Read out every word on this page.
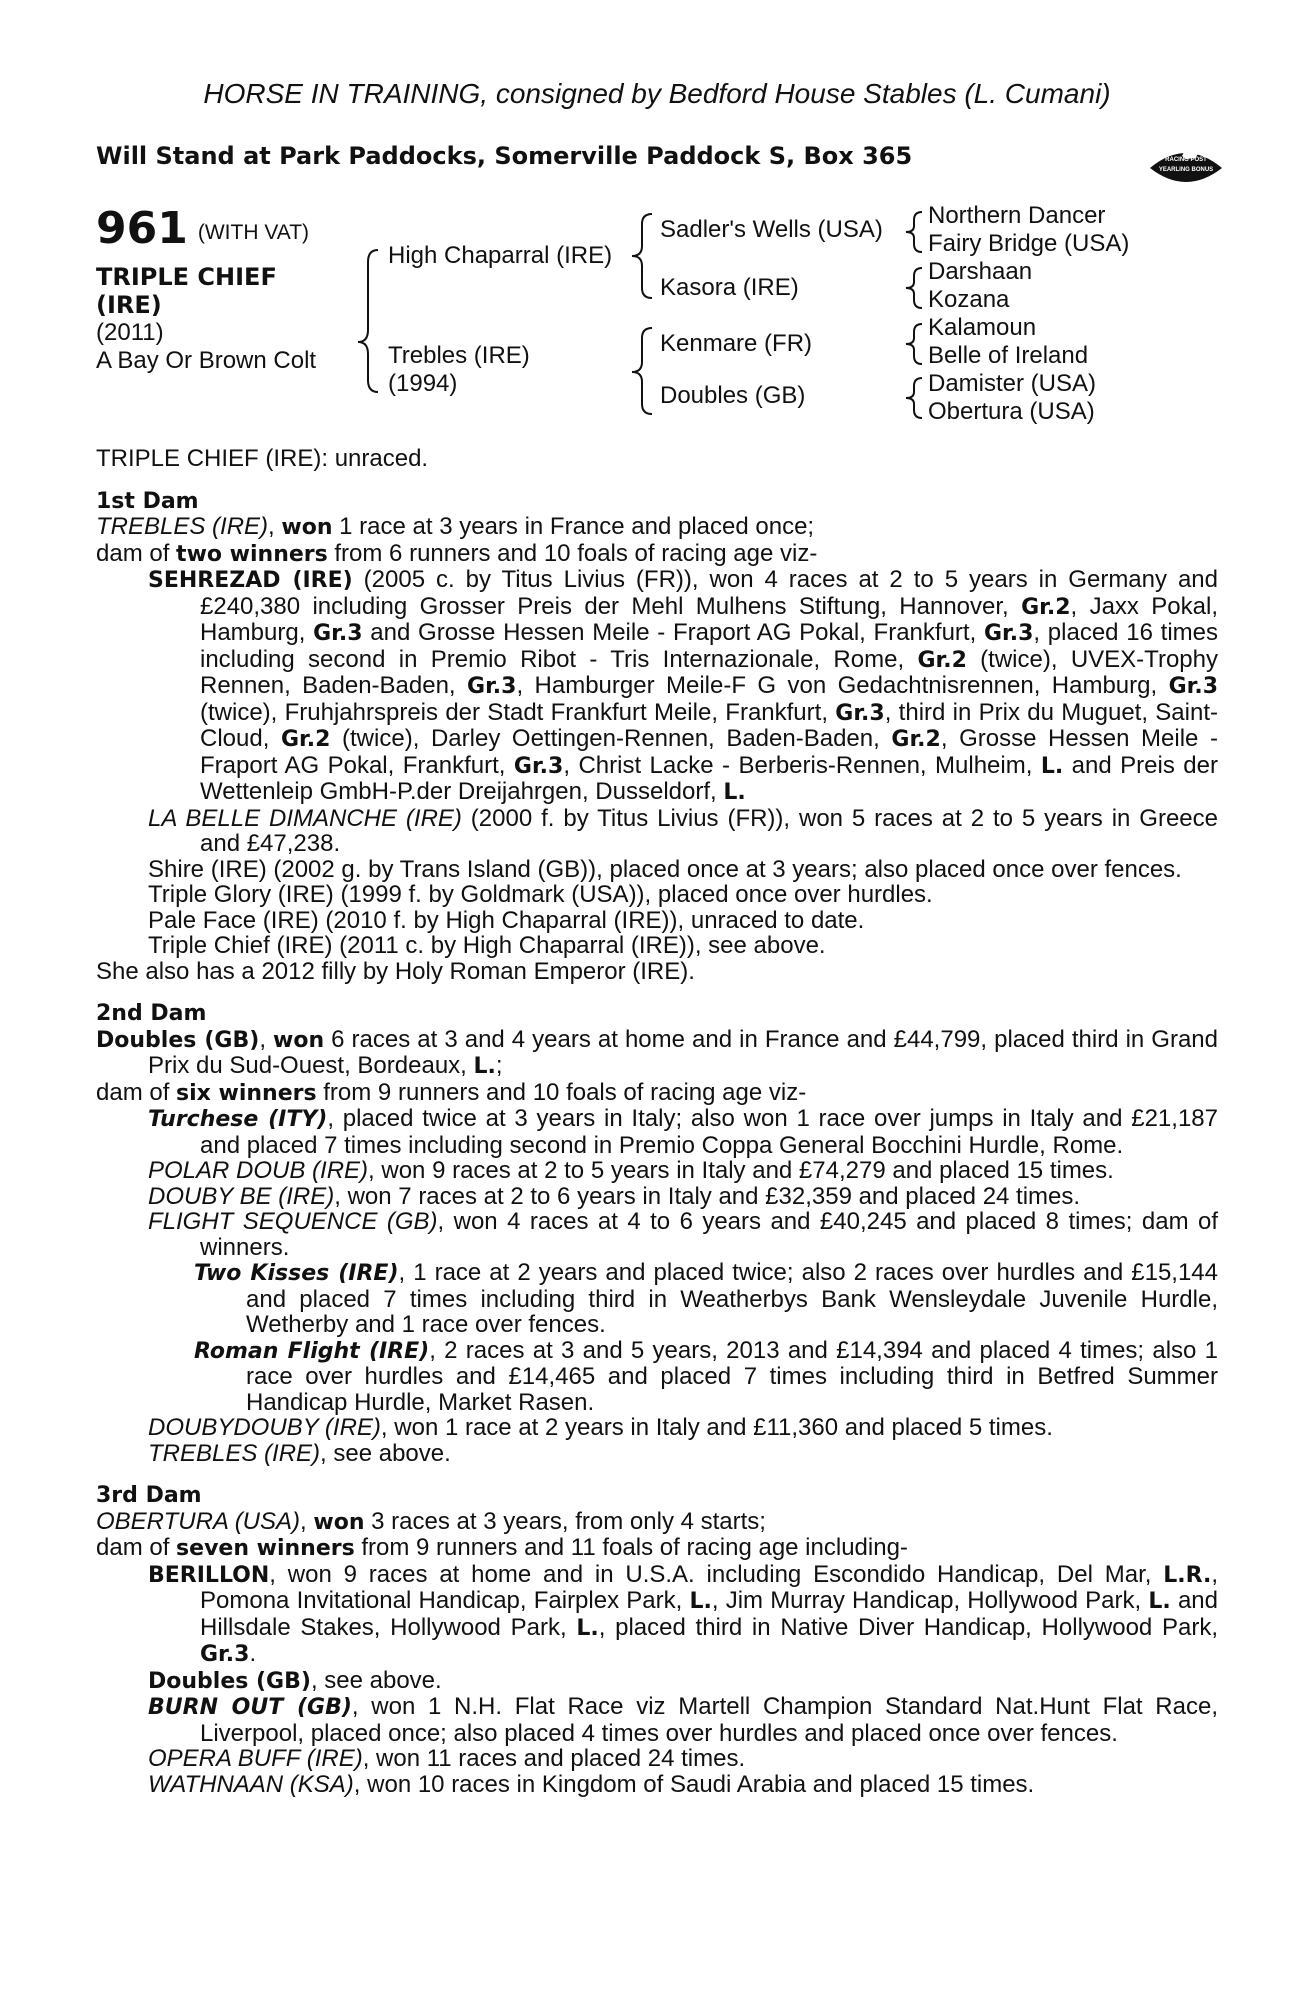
HORSE IN TRAINING, consigned by Bedford House Stables (L. Cumani)
Will Stand at Park Paddocks, Somerville Paddock S, Box 365	RACING POST
YEARLING BONUS
£10,000
961 (WITH VAT)
TRIPLE CHIEF
(IRE)
(2011)
A Bay Or Brown Colt
High Chaparral (IRE)
Trebles (IRE)
(1994)
Sadler's Wells (USA)
Kasora (IRE)
Kenmare (FR)
Doubles (GB)
Northern Dancer
Fairy Bridge (USA)
Darshaan
Kozana
Kalamoun
Belle of Ireland
Damister (USA)
Obertura (USA)

TRIPLE CHIEF (IRE): unraced.

1st Dam

TREBLES (IRE), won 1 race at 3 years in France and placed once;

dam of two winners from 6 runners and 10 foals of racing age viz-

SEHREZAD (IRE) (2005 c. by Titus Livius (FR)), won 4 races at 2 to 5 years in Germany and £240,380 including Grosser Preis der Mehl Mulhens Stiftung, Hannover, Gr.2, Jaxx Pokal, Hamburg, Gr.3 and Grosse Hessen Meile - Fraport AG Pokal, Frankfurt, Gr.3, placed 16 times including second in Premio Ribot - Tris Internazionale, Rome, Gr.2 (twice), UVEX-Trophy Rennen, Baden-Baden, Gr.3, Hamburger Meile-F G von Gedachtnisrennen, Hamburg, Gr.3 (twice), Fruhjahrspreis der Stadt Frankfurt Meile, Frankfurt, Gr.3, third in Prix du Muguet, Saint-Cloud, Gr.2 (twice), Darley Oettingen-Rennen, Baden-Baden, Gr.2, Grosse Hessen Meile - Fraport AG Pokal, Frankfurt, Gr.3, Christ Lacke - Berberis-Rennen, Mulheim, L. and Preis der Wettenleip GmbH-P.der Dreijahrgen, Dusseldorf, L.

LA BELLE DIMANCHE (IRE) (2000 f. by Titus Livius (FR)), won 5 races at 2 to 5 years in Greece and £47,238.

Shire (IRE) (2002 g. by Trans Island (GB)), placed once at 3 years; also placed once over fences.

Triple Glory (IRE) (1999 f. by Goldmark (USA)), placed once over hurdles.

Pale Face (IRE) (2010 f. by High Chaparral (IRE)), unraced to date.

Triple Chief (IRE) (2011 c. by High Chaparral (IRE)), see above.

She also has a 2012 filly by Holy Roman Emperor (IRE).

2nd Dam

Doubles (GB), won 6 races at 3 and 4 years at home and in France and £44,799, placed third in Grand Prix du Sud-Ouest, Bordeaux, L.;

dam of six winners from 9 runners and 10 foals of racing age viz-

Turchese (ITY), placed twice at 3 years in Italy; also won 1 race over jumps in Italy and £21,187 and placed 7 times including second in Premio Coppa General Bocchini Hurdle, Rome.

POLAR DOUB (IRE), won 9 races at 2 to 5 years in Italy and £74,279 and placed 15 times.

DOUBY BE (IRE), won 7 races at 2 to 6 years in Italy and £32,359 and placed 24 times.

FLIGHT SEQUENCE (GB), won 4 races at 4 to 6 years and £40,245 and placed 8 times; dam of winners.

Two Kisses (IRE), 1 race at 2 years and placed twice; also 2 races over hurdles and £15,144 and placed 7 times including third in Weatherbys Bank Wensleydale Juvenile Hurdle, Wetherby and 1 race over fences.

Roman Flight (IRE), 2 races at 3 and 5 years, 2013 and £14,394 and placed 4 times; also 1 race over hurdles and £14,465 and placed 7 times including third in Betfred Summer Handicap Hurdle, Market Rasen.

DOUBYDOUBY (IRE), won 1 race at 2 years in Italy and £11,360 and placed 5 times.

TREBLES (IRE), see above.

3rd Dam

OBERTURA (USA), won 3 races at 3 years, from only 4 starts;

dam of seven winners from 9 runners and 11 foals of racing age including-

BERILLON, won 9 races at home and in U.S.A. including Escondido Handicap, Del Mar, L.R., Pomona Invitational Handicap, Fairplex Park, L., Jim Murray Handicap, Hollywood Park, L. and Hillsdale Stakes, Hollywood Park, L., placed third in Native Diver Handicap, Hollywood Park, Gr.3.

Doubles (GB), see above.

BURN OUT (GB), won 1 N.H. Flat Race viz Martell Champion Standard Nat.Hunt Flat Race, Liverpool, placed once; also placed 4 times over hurdles and placed once over fences.

OPERA BUFF (IRE), won 11 races and placed 24 times.

WATHNAAN (KSA), won 10 races in Kingdom of Saudi Arabia and placed 15 times.
